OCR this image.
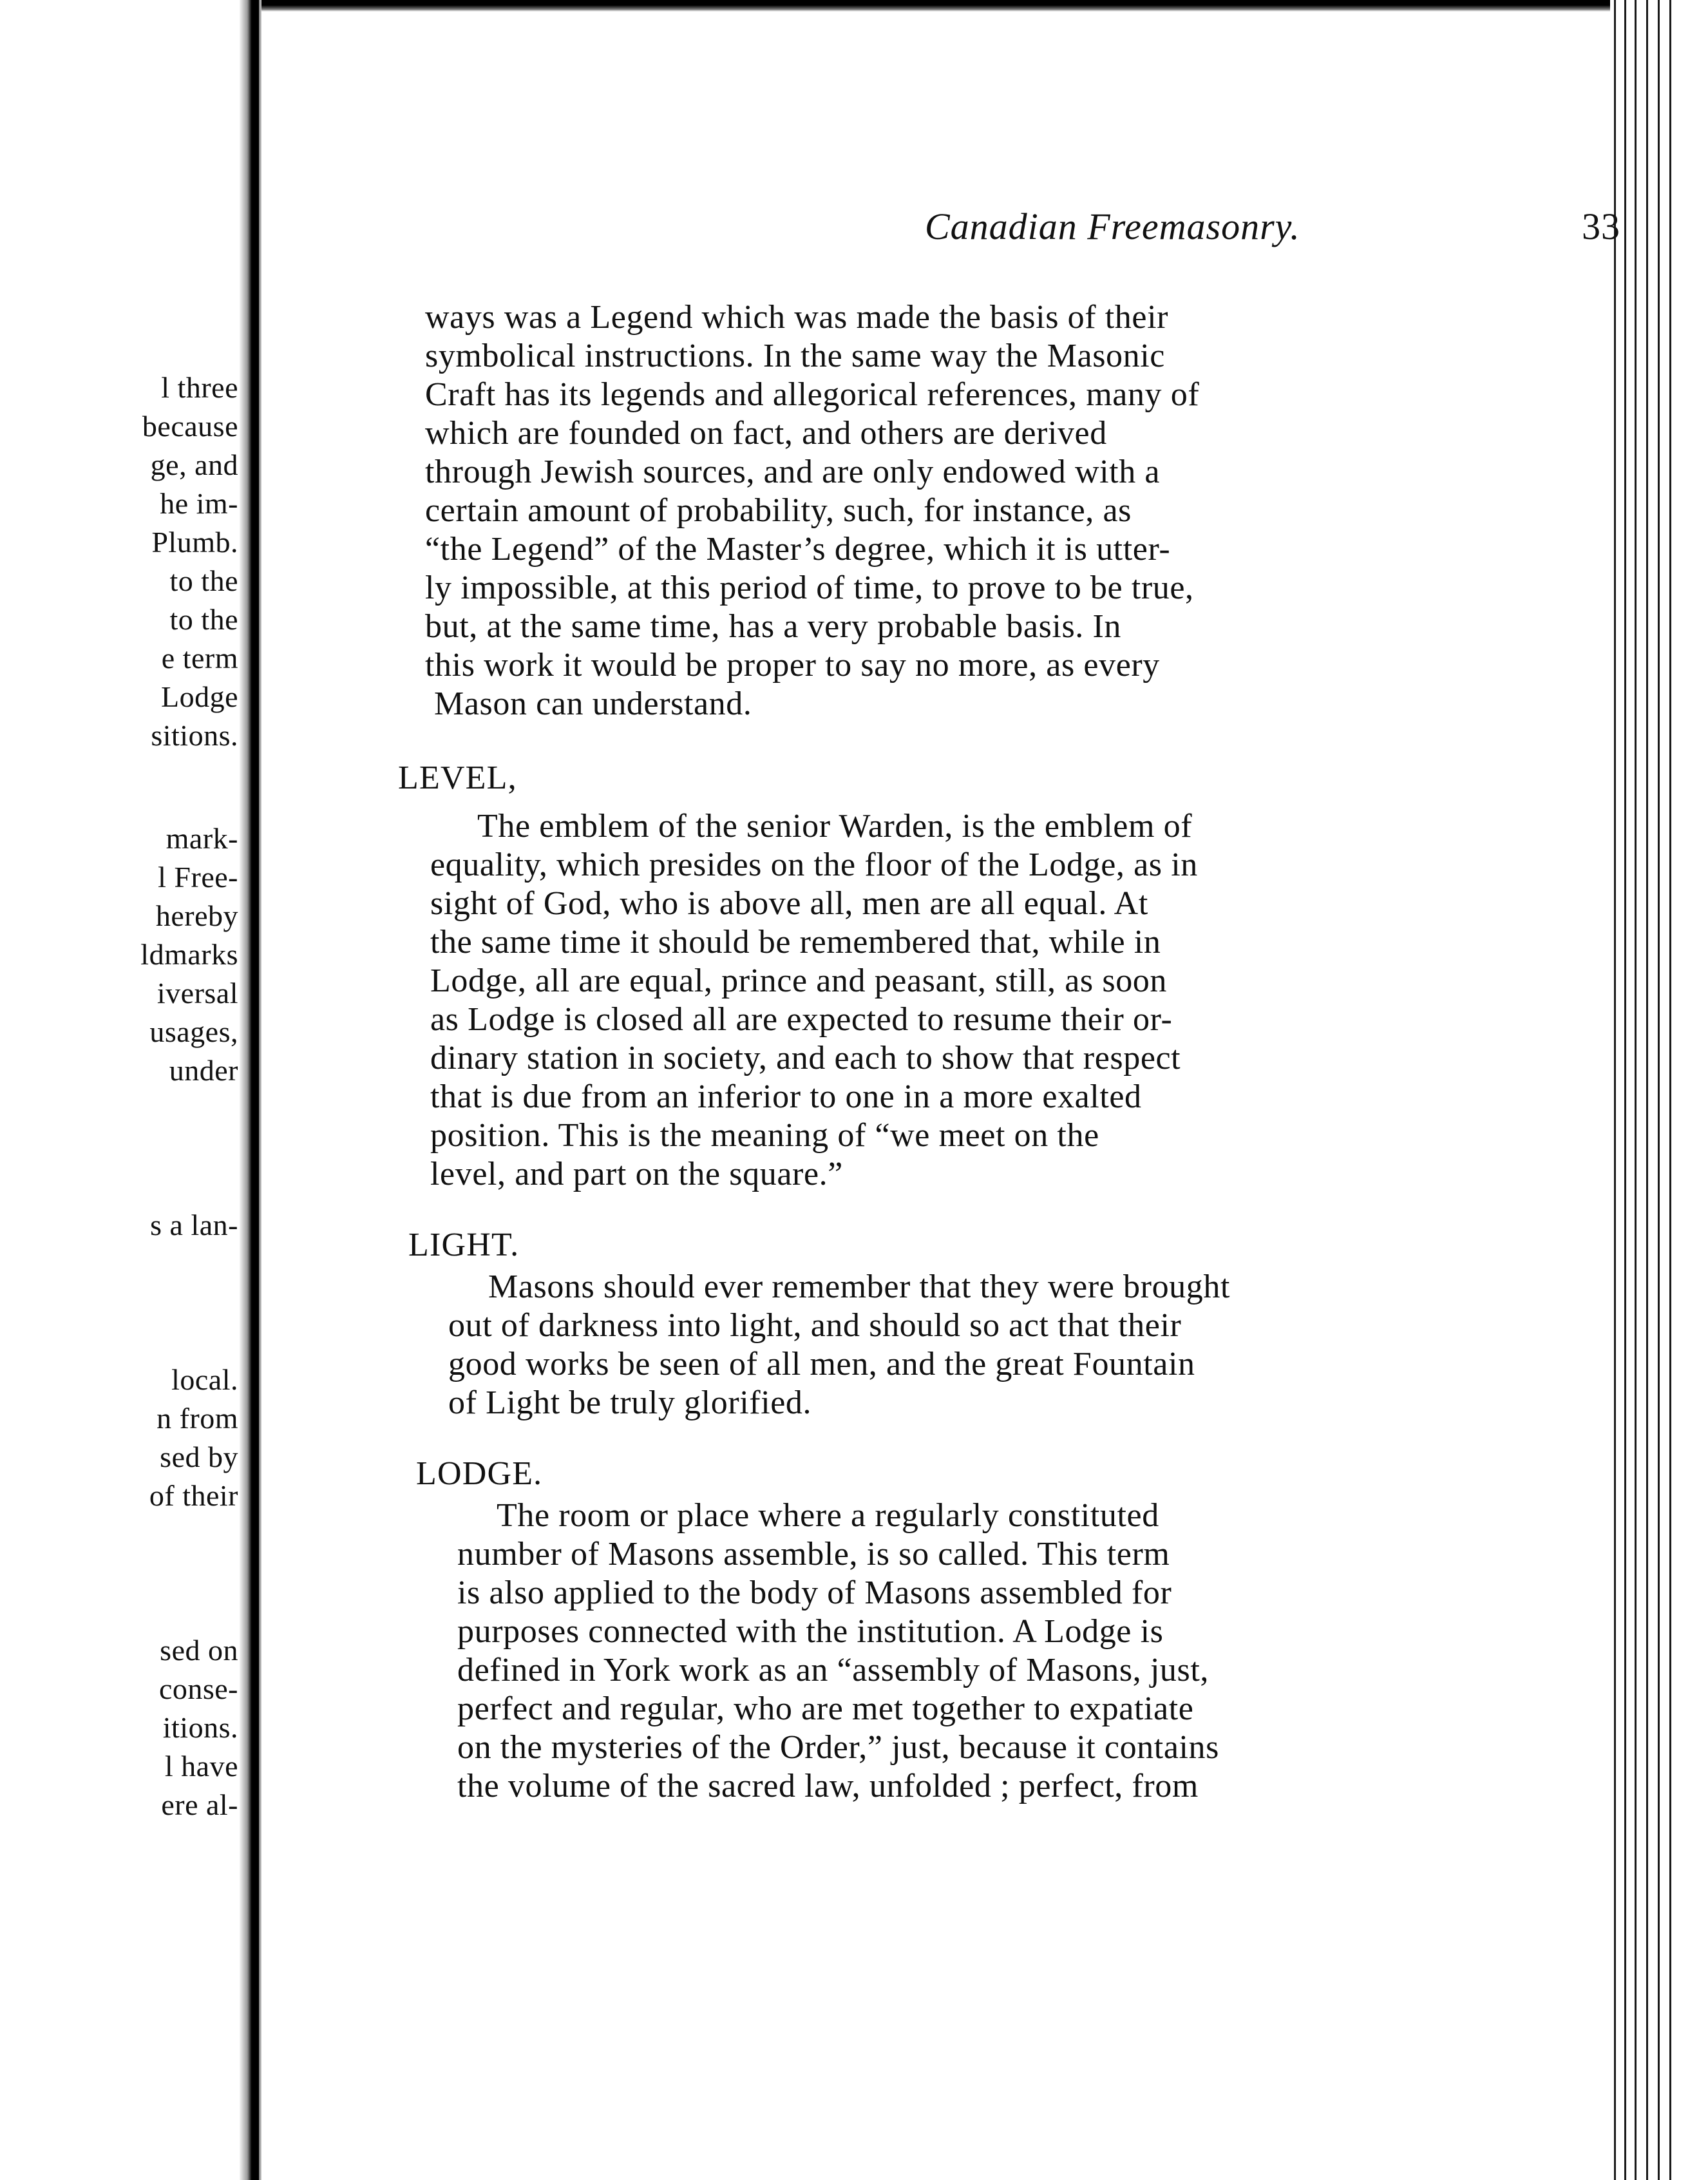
l three
because
ge, and
he im-
Plumb.
to the
to the
e term
Lodge
sitions.
mark-
l Free-
hereby
ldmarks
iversal
usages,
under
s a lan-
local.
n from
sed by
of their
sed on
conse-
itions.
l have
ere al-
Canadian Freemasonry.	33
ways was a Legend which was made the basis of their
symbolical instructions. In the same way the Masonic
Craft has its legends and allegorical references, many of
which are founded on fact, and others are derived
through Jewish sources, and are only endowed with a
certain amount of probability, such, for instance, as
“the Legend” of the Master’s degree, which it is utter-
ly impossible, at this period of time, to prove to be true,
but, at the same time, has a very probable basis. In
this work it would be proper to say no more, as every
Mason can understand.
LEVEL,
The emblem of the senior Warden, is the emblem of
equality, which presides on the floor of the Lodge, as in
sight of God, who is above all, men are all equal. At
the same time it should be remembered that, while in
Lodge, all are equal, prince and peasant, still, as soon
as Lodge is closed all are expected to resume their or-
dinary station in society, and each to show that respect
that is due from an inferior to one in a more exalted
position. This is the meaning of “we meet on the
level, and part on the square.”
LIGHT.
Masons should ever remember that they were brought
out of darkness into light, and should so act that their
good works be seen of all men, and the great Fountain
of Light be truly glorified.
LODGE.
The room or place where a regularly constituted
number of Masons assemble, is so called. This term
is also applied to the body of Masons assembled for
purposes connected with the institution. A Lodge is
defined in York work as an “assembly of Masons, just,
perfect and regular, who are met together to expatiate
on the mysteries of the Order,” just, because it contains
the volume of the sacred law, unfolded ; perfect, from
